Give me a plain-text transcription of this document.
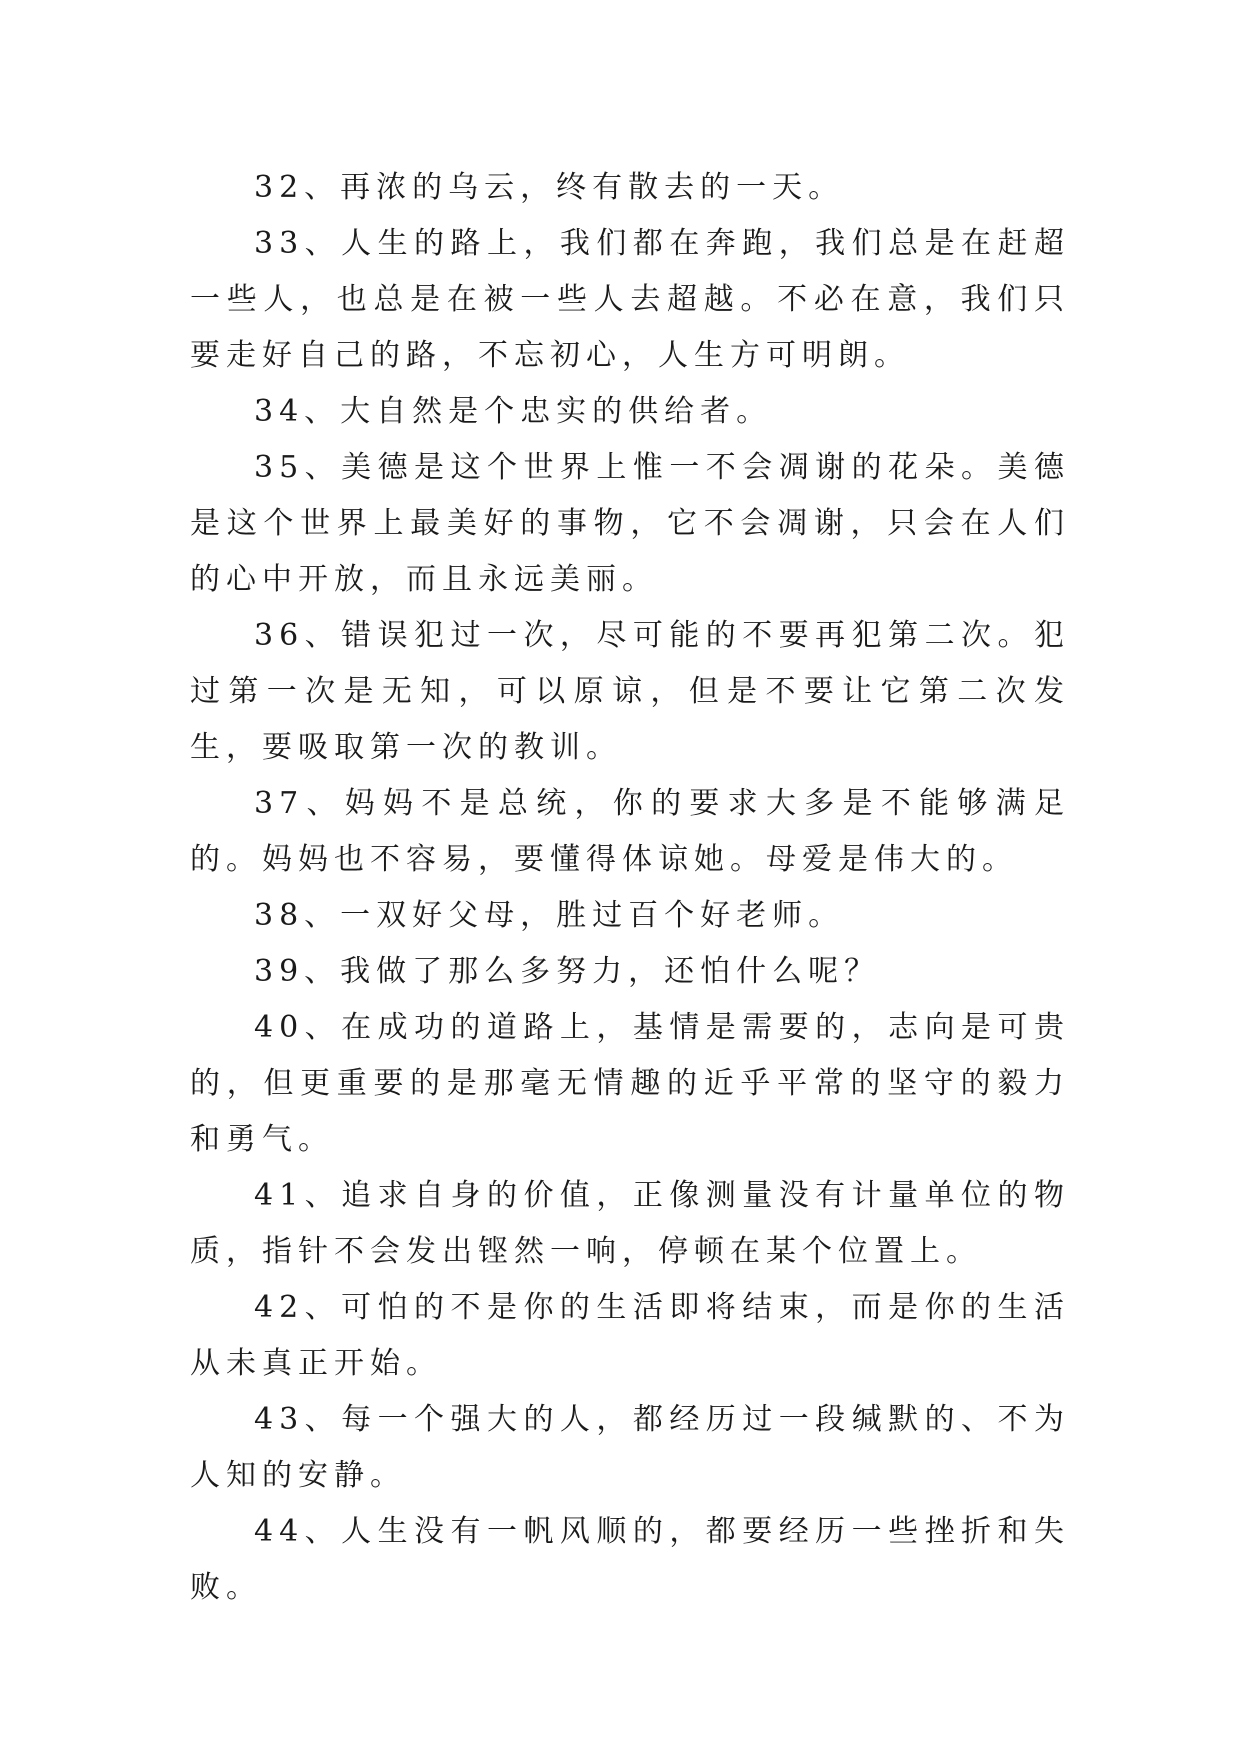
32、再浓的乌云，终有散去的一天。

33、人生的路上，我们都在奔跑，我们总是在赶超一些人，也总是在被一些人去超越。不必在意，我们只要走好自己的路，不忘初心，人生方可明朗。

34、大自然是个忠实的供给者。

35、美德是这个世界上惟一不会凋谢的花朵。美德是这个世界上最美好的事物，它不会凋谢，只会在人们的心中开放，而且永远美丽。

36、错误犯过一次，尽可能的不要再犯第二次。犯过第一次是无知，可以原谅，但是不要让它第二次发生，要吸取第一次的教训。

37、妈妈不是总统，你的要求大多是不能够满足的。妈妈也不容易，要懂得体谅她。母爱是伟大的。

38、一双好父母，胜过百个好老师。

39、我做了那么多努力，还怕什么呢？

40、在成功的道路上，基情是需要的，志向是可贵的，但更重要的是那毫无情趣的近乎平常的坚守的毅力和勇气。

41、追求自身的价值，正像测量没有计量单位的物质，指针不会发出铿然一响，停顿在某个位置上。

42、可怕的不是你的生活即将结束，而是你的生活从未真正开始。

43、每一个强大的人，都经历过一段缄默的、不为人知的安静。

44、人生没有一帆风顺的，都要经历一些挫折和失败。
